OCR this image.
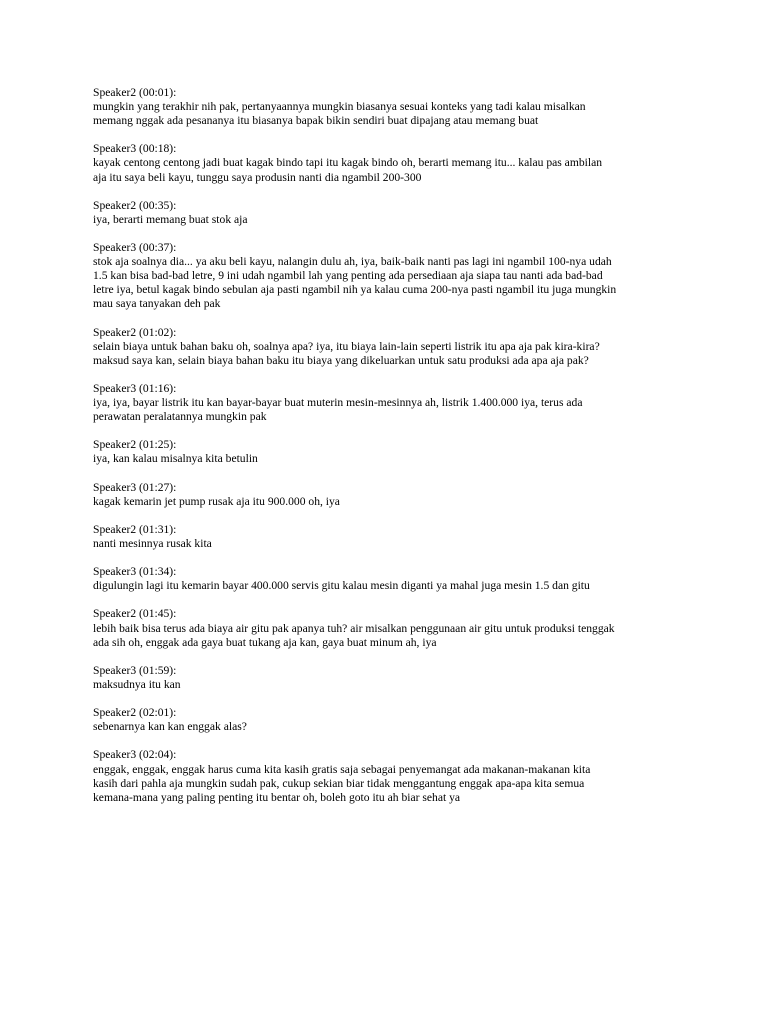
Speaker2 (00:01):
mungkin yang terakhir nih pak, pertanyaannya mungkin biasanya sesuai konteks yang tadi kalau misalkan
memang nggak ada pesananya itu biasanya bapak bikin sendiri buat dipajang atau memang buat
Speaker3 (00:18):
kayak centong centong jadi buat kagak bindo tapi itu kagak bindo oh, berarti memang itu... kalau pas ambilan
aja itu saya beli kayu, tunggu saya produsin nanti dia ngambil 200-300
Speaker2 (00:35):
iya, berarti memang buat stok aja
Speaker3 (00:37):
stok aja soalnya dia... ya aku beli kayu, nalangin dulu ah, iya, baik-baik nanti pas lagi ini ngambil 100-nya udah
1.5 kan bisa bad-bad letre, 9 ini udah ngambil lah yang penting ada persediaan aja siapa tau nanti ada bad-bad
letre iya, betul kagak bindo sebulan aja pasti ngambil nih ya kalau cuma 200-nya pasti ngambil itu juga mungkin
mau saya tanyakan deh pak
Speaker2 (01:02):
selain biaya untuk bahan baku oh, soalnya apa? iya, itu biaya lain-lain seperti listrik itu apa aja pak kira-kira?
maksud saya kan, selain biaya bahan baku itu biaya yang dikeluarkan untuk satu produksi ada apa aja pak?
Speaker3 (01:16):
iya, iya, bayar listrik itu kan bayar-bayar buat muterin mesin-mesinnya ah, listrik 1.400.000 iya, terus ada
perawatan peralatannya mungkin pak
Speaker2 (01:25):
iya, kan kalau misalnya kita betulin
Speaker3 (01:27):
kagak kemarin jet pump rusak aja itu 900.000 oh, iya
Speaker2 (01:31):
nanti mesinnya rusak kita
Speaker3 (01:34):
digulungin lagi itu kemarin bayar 400.000 servis gitu kalau mesin diganti ya mahal juga mesin 1.5 dan gitu
Speaker2 (01:45):
lebih baik bisa terus ada biaya air gitu pak apanya tuh? air misalkan penggunaan air gitu untuk produksi tenggak
ada sih oh, enggak ada gaya buat tukang aja kan, gaya buat minum ah, iya
Speaker3 (01:59):
maksudnya itu kan
Speaker2 (02:01):
sebenarnya kan kan enggak alas?
Speaker3 (02:04):
enggak, enggak, enggak harus cuma kita kasih gratis saja sebagai penyemangat ada makanan-makanan kita
kasih dari pahla aja mungkin sudah pak, cukup sekian biar tidak menggantung enggak apa-apa kita semua
kemana-mana yang paling penting itu bentar oh, boleh goto itu ah biar sehat ya
